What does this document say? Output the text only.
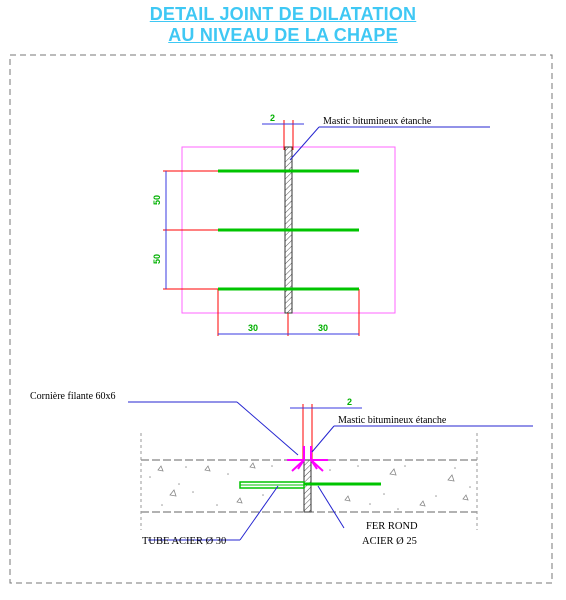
DETAIL JOINT DE DILATATION
AU NIVEAU DE LA CHAPE
2
50
50
30	30
Mastic bitumineux étanche
2
Cornière filante 60x6
Mastic bitumineux étanche
TUBE ACIER Ø 30
FER ROND
ACIER Ø 25
